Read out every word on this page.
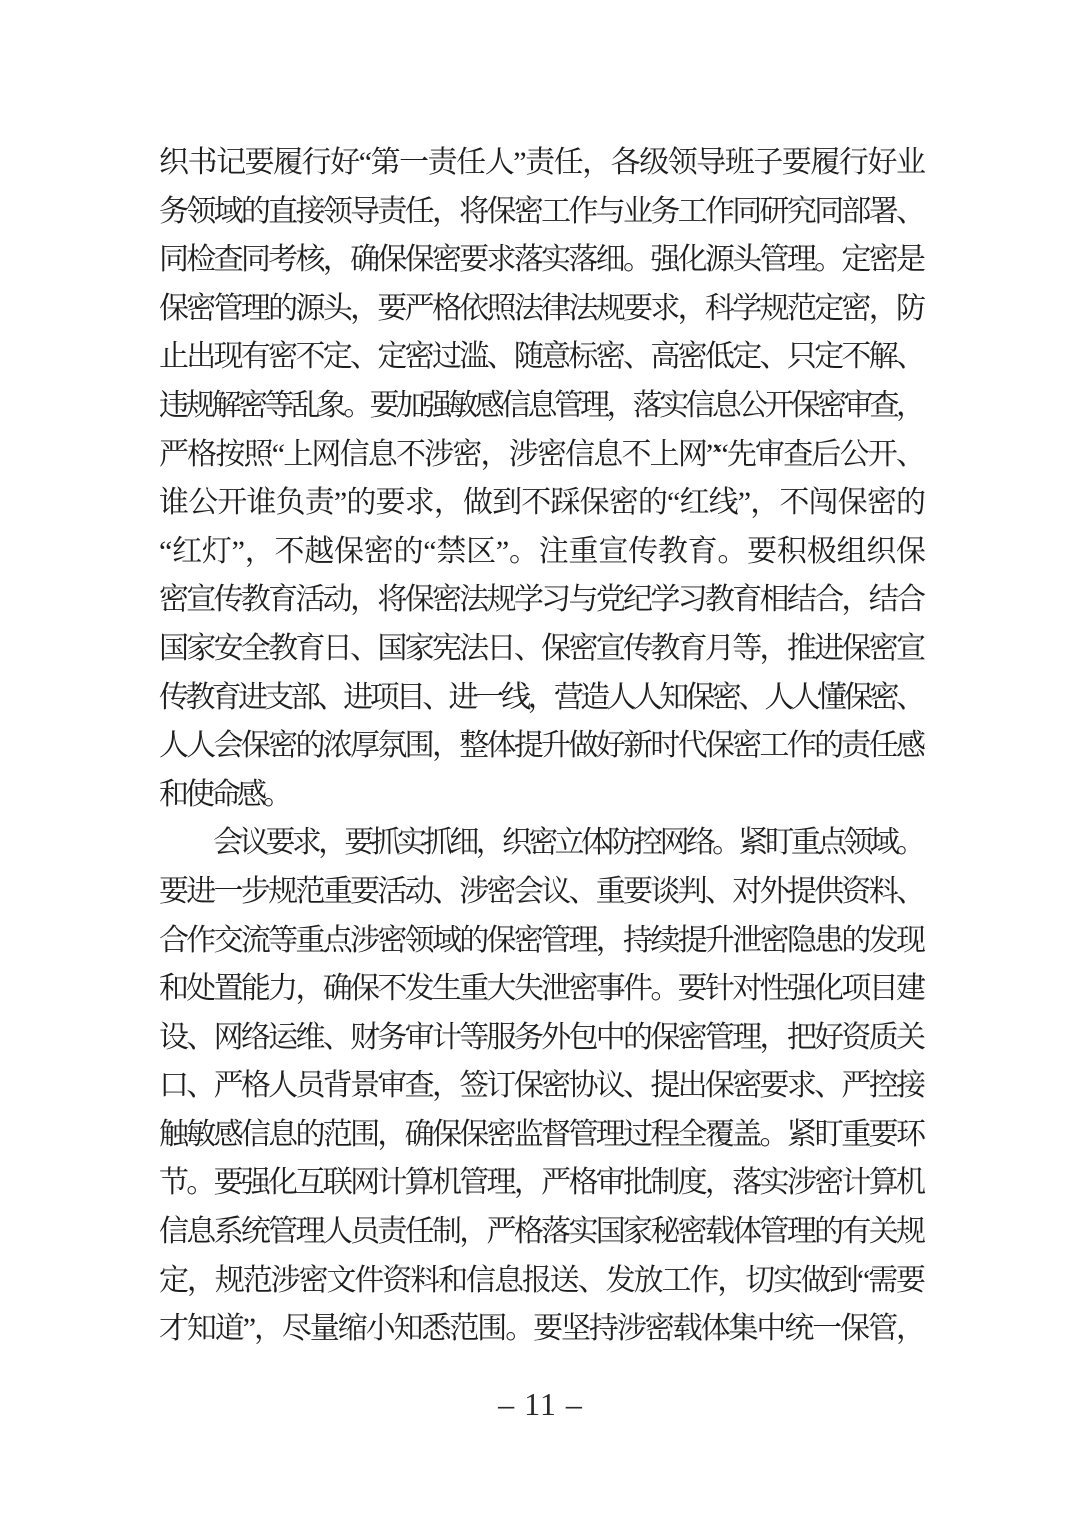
织书记要履行好“第一责任人”责任，各级领导班子要履行好业
务领域的直接领导责任，将保密工作与业务工作同研究同部署、
同检查同考核，确保保密要求落实落细。强化源头管理。定密是
保密管理的源头，要严格依照法律法规要求，科学规范定密，防
止出现有密不定、定密过滥、随意标密、高密低定、只定不解、
违规解密等乱象。要加强敏感信息管理，落实信息公开保密审查，
严格按照“上网信息不涉密，涉密信息不上网”“先审查后公开、
谁公开谁负责”的要求，做到不踩保密的“红线”，不闯保密的
“红灯”，不越保密的“禁区”。注重宣传教育。要积极组织保
密宣传教育活动，将保密法规学习与党纪学习教育相结合，结合
国家安全教育日、国家宪法日、保密宣传教育月等，推进保密宣
传教育进支部、进项目、进一线，营造人人知保密、人人懂保密、
人人会保密的浓厚氛围，整体提升做好新时代保密工作的责任感
和使命感。
会议要求，要抓实抓细，织密立体防控网络。紧盯重点领域。
要进一步规范重要活动、涉密会议、重要谈判、对外提供资料、
合作交流等重点涉密领域的保密管理，持续提升泄密隐患的发现
和处置能力，确保不发生重大失泄密事件。要针对性强化项目建
设、网络运维、财务审计等服务外包中的保密管理，把好资质关
口、严格人员背景审查，签订保密协议、提出保密要求、严控接
触敏感信息的范围，确保保密监督管理过程全覆盖。紧盯重要环
节。要强化互联网计算机管理，严格审批制度，落实涉密计算机
信息系统管理人员责任制，严格落实国家秘密载体管理的有关规
定，规范涉密文件资料和信息报送、发放工作，切实做到“需要
才知道”，尽量缩小知悉范围。要坚持涉密载体集中统一保管，
– 11 –
